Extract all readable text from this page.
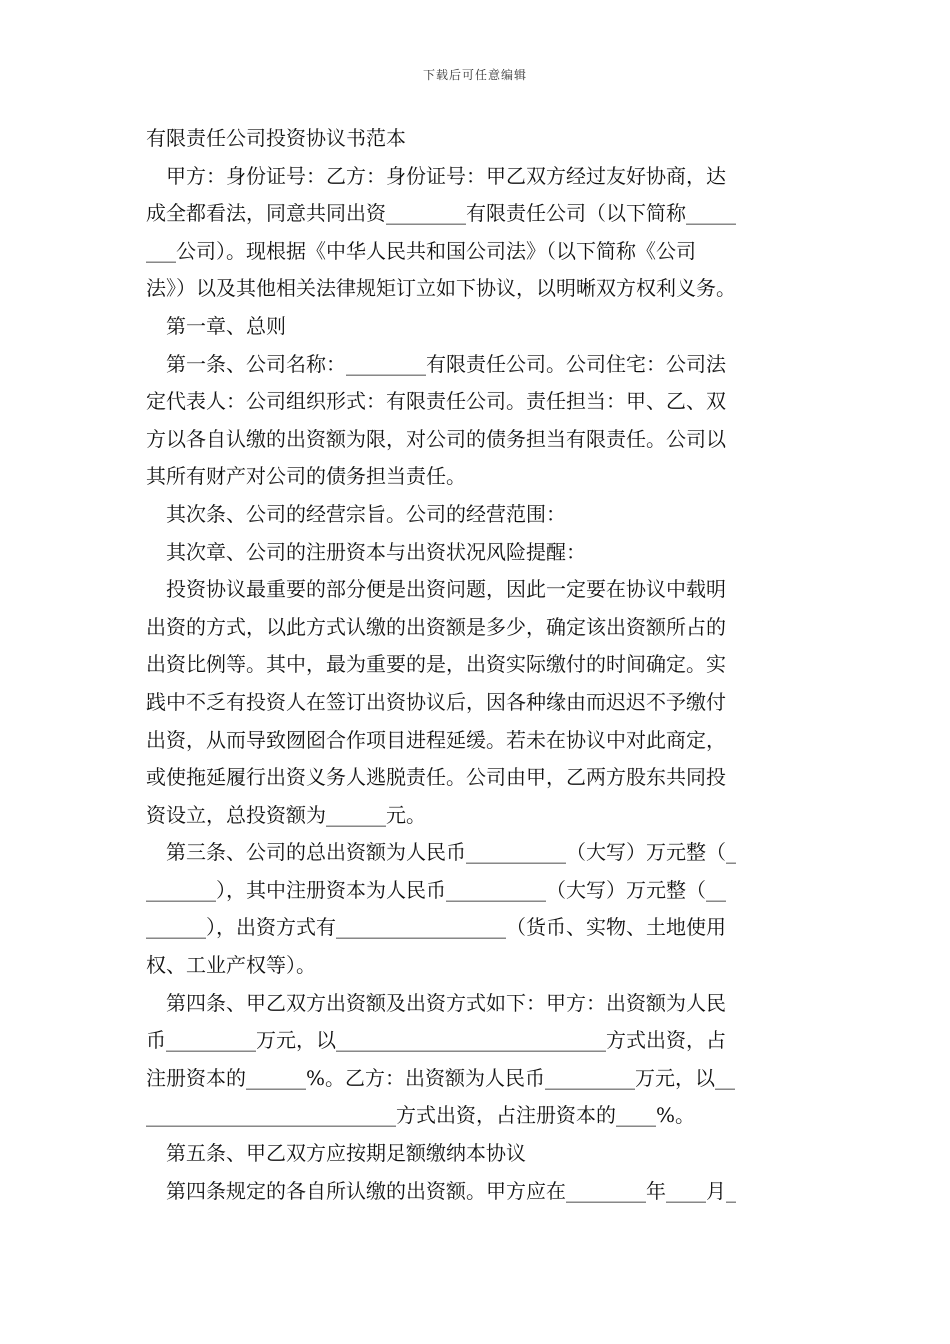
下载后可任意编辑
有限责任公司投资协议书范本
　甲方：身份证号：乙方：身份证号：甲乙双方经过友好协商，达
成全都看法，同意共同出资________有限责任公司（以下简称_____
___公司）。现根据《中华人民共和国公司法》（以下简称《公司
法》）以及其他相关法律规矩订立如下协议，以明晰双方权利义务。
　第一章、总则
　第一条、公司名称：________有限责任公司。公司住宅：公司法
定代表人：公司组织形式：有限责任公司。责任担当：甲、乙、双
方以各自认缴的出资额为限，对公司的债务担当有限责任。公司以
其所有财产对公司的债务担当责任。
　其次条、公司的经营宗旨。公司的经营范围：
　其次章、公司的注册资本与出资状况风险提醒：
　投资协议最重要的部分便是出资问题，因此一定要在协议中载明
出资的方式，以此方式认缴的出资额是多少，确定该出资额所占的
出资比例等。其中，最为重要的是，出资实际缴付的时间确定。实
践中不乏有投资人在签订出资协议后，因各种缘由而迟迟不予缴付
出资，从而导致囫囵合作项目进程延缓。若未在协议中对此商定，
或使拖延履行出资义务人逃脱责任。公司由甲，乙两方股东共同投
资设立，总投资额为______元。
　第三条、公司的总出资额为人民币__________（大写）万元整（_
_______），其中注册资本为人民币__________（大写）万元整（__
______），出资方式有_________________（货币、实物、土地使用
权、工业产权等）。
　第四条、甲乙双方出资额及出资方式如下：甲方：出资额为人民
币_________万元，以___________________________方式出资，占
注册资本的______%。乙方：出资额为人民币_________万元，以__
_________________________方式出资，占注册资本的____%。
　第五条、甲乙双方应按期足额缴纳本协议
　第四条规定的各自所认缴的出资额。甲方应在________年____月_
